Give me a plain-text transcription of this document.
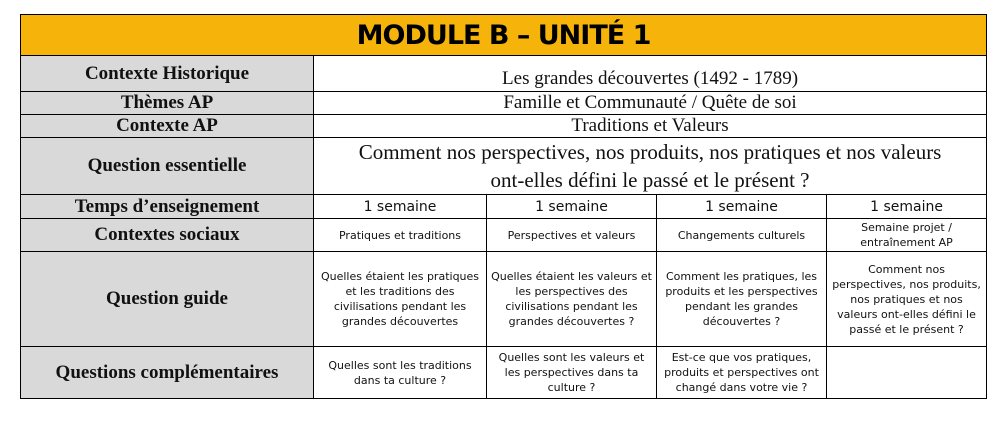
MODULE B – UNITÉ 1				
Contexte Historique	Les grandes découvertes (1492 - 1789)			
Thèmes AP	Famille et Communauté / Quête de soi			
Contexte AP	Traditions et Valeurs			
Question essentielle	Comment nos perspectives, nos produits, nos pratiques et nos valeurs
ont-elles défini le passé et le présent ?			

Temps d’enseignement	1 semaine	1 semaine	1 semaine	1 semaine
Contextes sociaux	Pratiques et traditions	Perspectives et valeurs	Changements culturels	Semaine projet / entraînement AP
Question guide	Quelles étaient les pratiques et les traditions des civilisations pendant les grandes découvertes	Quelles étaient les valeurs et les perspectives des civilisations pendant les grandes découvertes ?	Comment les pratiques, les produits et les perspectives pendant les grandes découvertes ?	Comment nos perspectives, nos produits, nos pratiques et nos valeurs ont-elles défini le passé et le présent ?
Questions complémentaires	Quelles sont les traditions dans ta culture ?	Quelles sont les valeurs et les perspectives dans ta culture ?	Est-ce que vos pratiques, produits et perspectives ont changé dans votre vie ?	
